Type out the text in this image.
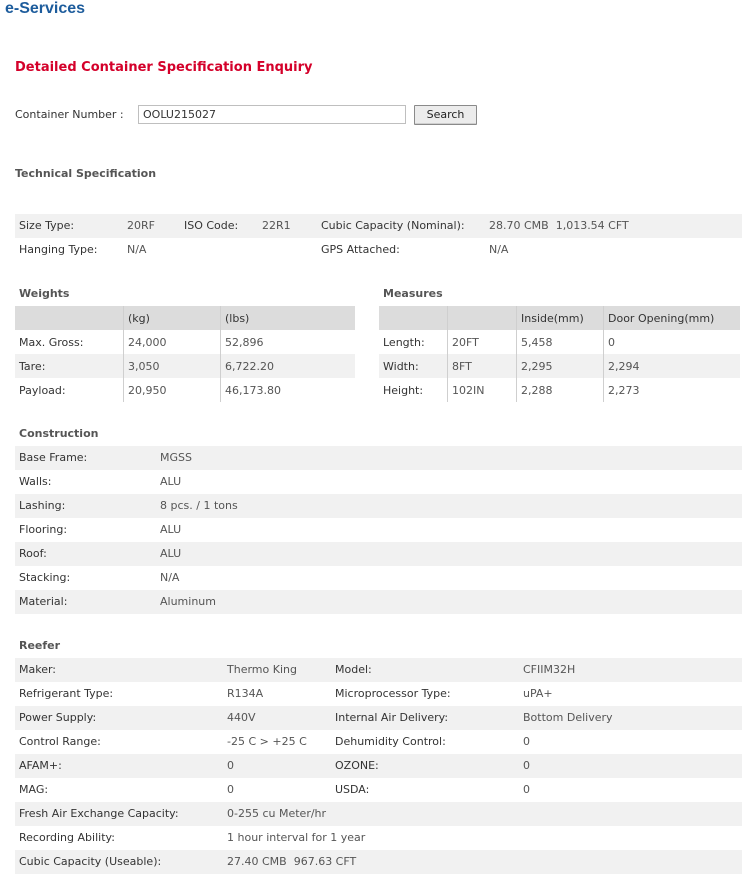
e-Services
Detailed Container Specification Enquiry
Container Number :	OOLU215027	Search
Technical Specification
Size Type:	20RF	ISO Code: 22R1	Cubic Capacity (Nominal): 28.70 CMB  1,013.54 CFT
Hanging Type:	N/A	GPS Attached:	N/A
Weights
	(kg)	(lbs)
Max. Gross:	24,000	52,896
Tare:	3,050	6,722.20
Payload:	20,950	46,173.80
Measures
		Inside(mm)	Door Opening(mm)
Length:	20FT	5,458	0
Width:	8FT	2,295	2,294
Height:	102IN	2,288	2,273
Construction
Base Frame:	MGSS
Walls:	ALU
Lashing:	8 pcs. / 1 tons
Flooring:	ALU
Roof:	ALU
Stacking:	N/A
Material:	Aluminum
Reefer
Maker:	Thermo King	Model:	CFIIM32H
Refrigerant Type:	R134A	Microprocessor Type:	uPA+
Power Supply:	440V	Internal Air Delivery:	Bottom Delivery
Control Range:	-25 C > +25 C	Dehumidity Control:	0
AFAM+:	0	OZONE:	0
MAG:	0	USDA:	0
Fresh Air Exchange Capacity:	0-255 cu Meter/hr
Recording Ability:	1 hour interval for 1 year
Cubic Capacity (Useable):	27.40 CMB  967.63 CFT
